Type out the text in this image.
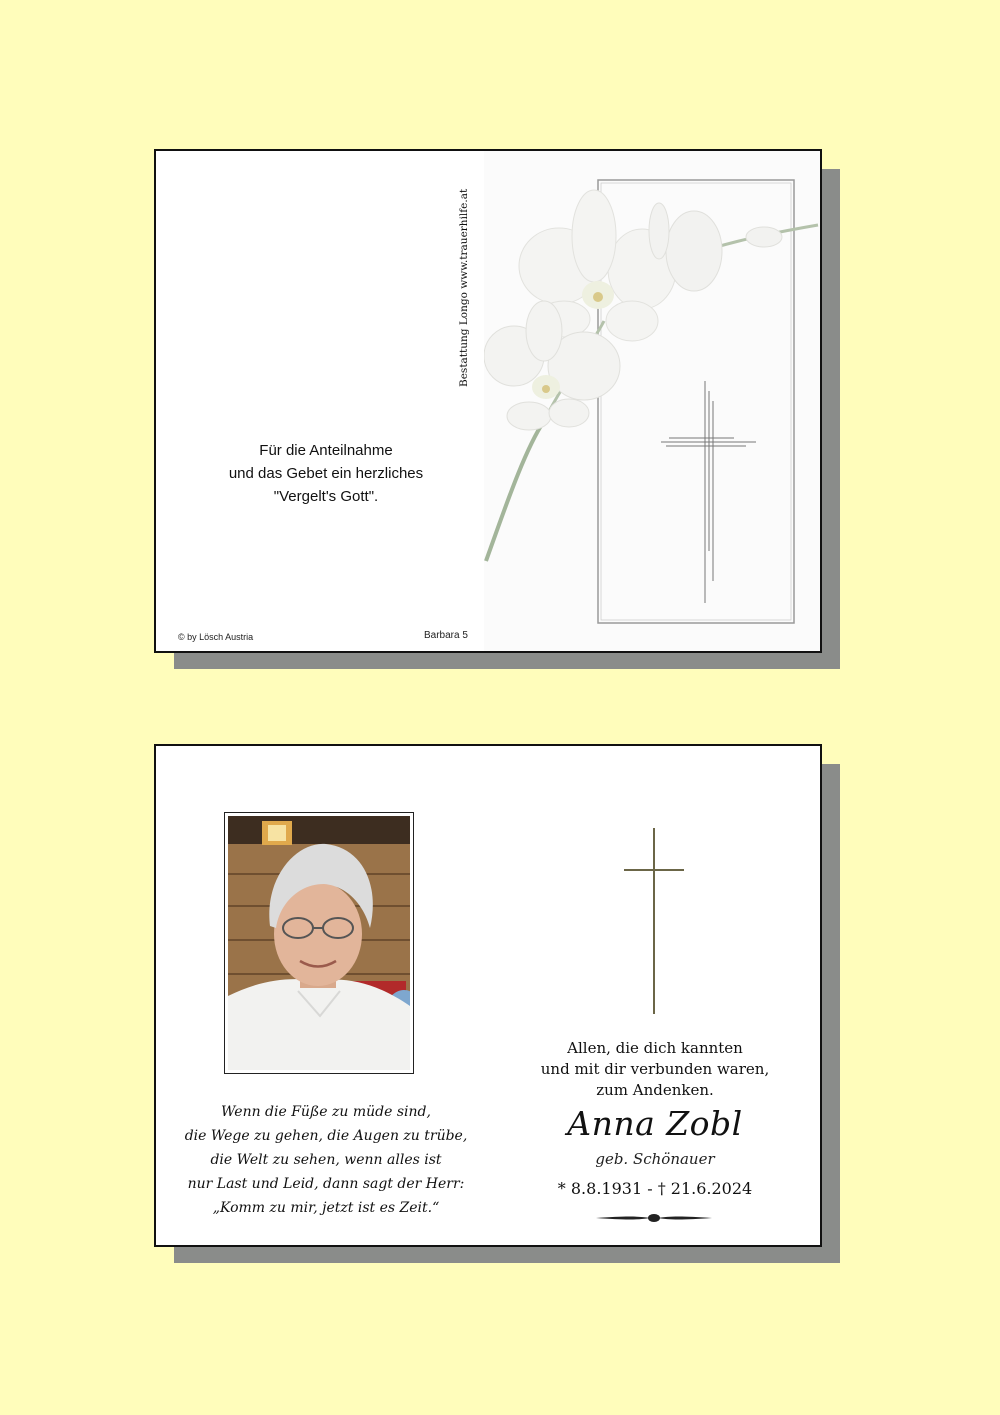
Für die Anteilnahme
und das Gebet ein herzliches
"Vergelt's Gott".
© by Lösch Austria	Barbara 5
Bestattung Longo www.trauerhilfe.at
Wenn die Füße zu müde sind,
die Wege zu gehen, die Augen zu trübe,
die Welt zu sehen, wenn alles ist
nur Last und Leid, dann sagt der Herr:
„Komm zu mir, jetzt ist es Zeit.“
Allen, die dich kannten
und mit dir verbunden waren,
zum Andenken.
Anna Zobl
geb. Schönauer
* 8.8.1931 - † 21.6.2024
